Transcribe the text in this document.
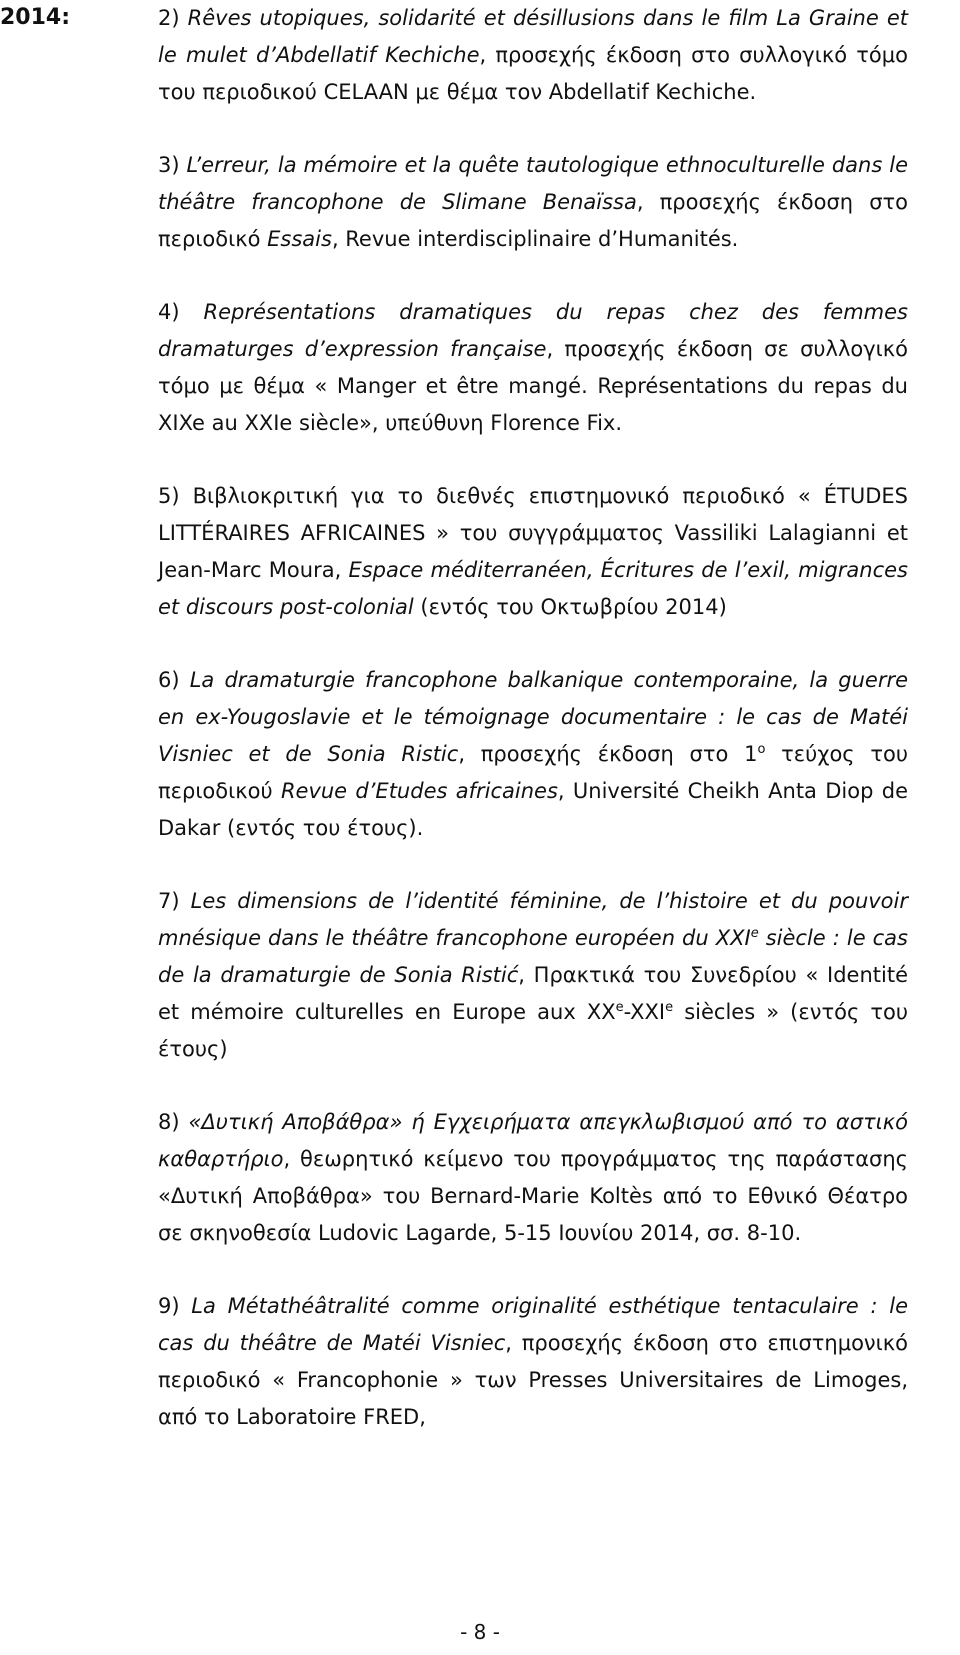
2014:	2) Rêves utopiques, solidarité et désillusions dans le film La Graine et le mulet d’Abdellatif Kechiche, προσεχής έκδοση στο συλλογικό τόμο του περιοδικού CELAAN με θέμα τον Abdellatif Kechiche.
3) L’erreur, la mémoire et la quête tautologique ethnoculturelle dans le théâtre francophone de Slimane Benaïssa, προσεχής έκδοση στο περιοδικό Essais, Revue interdisciplinaire d’Humanités.
4) Représentations dramatiques du repas chez des femmes dramaturges d’expression française, προσεχής έκδοση σε συλλογικό τόμο με θέμα « Manger et être mangé. Représentations du repas du XIXe au XXIe siècle», υπεύθυνη Florence Fix.
5) Βιβλιοκριτική για το διεθνές επιστημονικό περιοδικό « ÉTUDES LITTÉRAIRES AFRICAINES » του συγγράμματος Vassiliki Lalagianni et Jean-Marc Moura, Espace méditerranéen, Écritures de l’exil, migrances et discours post-colonial (εντός του Οκτωβρίου 2014)
6) La dramaturgie francophone balkanique contemporaine, la guerre en ex-Yougoslavie et le témoignage documentaire : le cas de Matéi Visniec et de Sonia Ristic, προσεχής έκδοση στο $1^o$ τεύχος του περιοδικού Revue d’Etudes africaines, Université Cheikh Anta Diop de Dakar (εντός του έτους).
7) Les dimensions de l’identité féminine, de l’histoire et du pouvoir mnésique dans le théâtre francophone européen du XXIe siècle : le cas de la dramaturgie de Sonia Ristić, Πρακτικά του Συνεδρίου « Identité et mémoire culturelles en Europe aux XXe-XXIe siècles » (εντός του έτους)
8) «Δυτική Αποβάθρα» ή Εγχειρήματα απεγκλωβισμού από το αστικό καθαρτήριο, θεωρητικό κείμενο του προγράμματος της παράστασης «Δυτική Αποβάθρα» του Bernard-Marie Koltès από το Εθνικό Θέατρο σε σκηνοθεσία Ludovic Lagarde, 5-15 Ιουνίου 2014, σσ. 8-10.
9) La Métathéâtralité comme originalité esthétique tentaculaire : le cas du théâtre de Matéi Visniec, προσεχής έκδοση στο επιστημονικό περιοδικό « Francophonie » των Presses Universitaires de Limoges, από το Laboratoire FRED,
- 8 -
